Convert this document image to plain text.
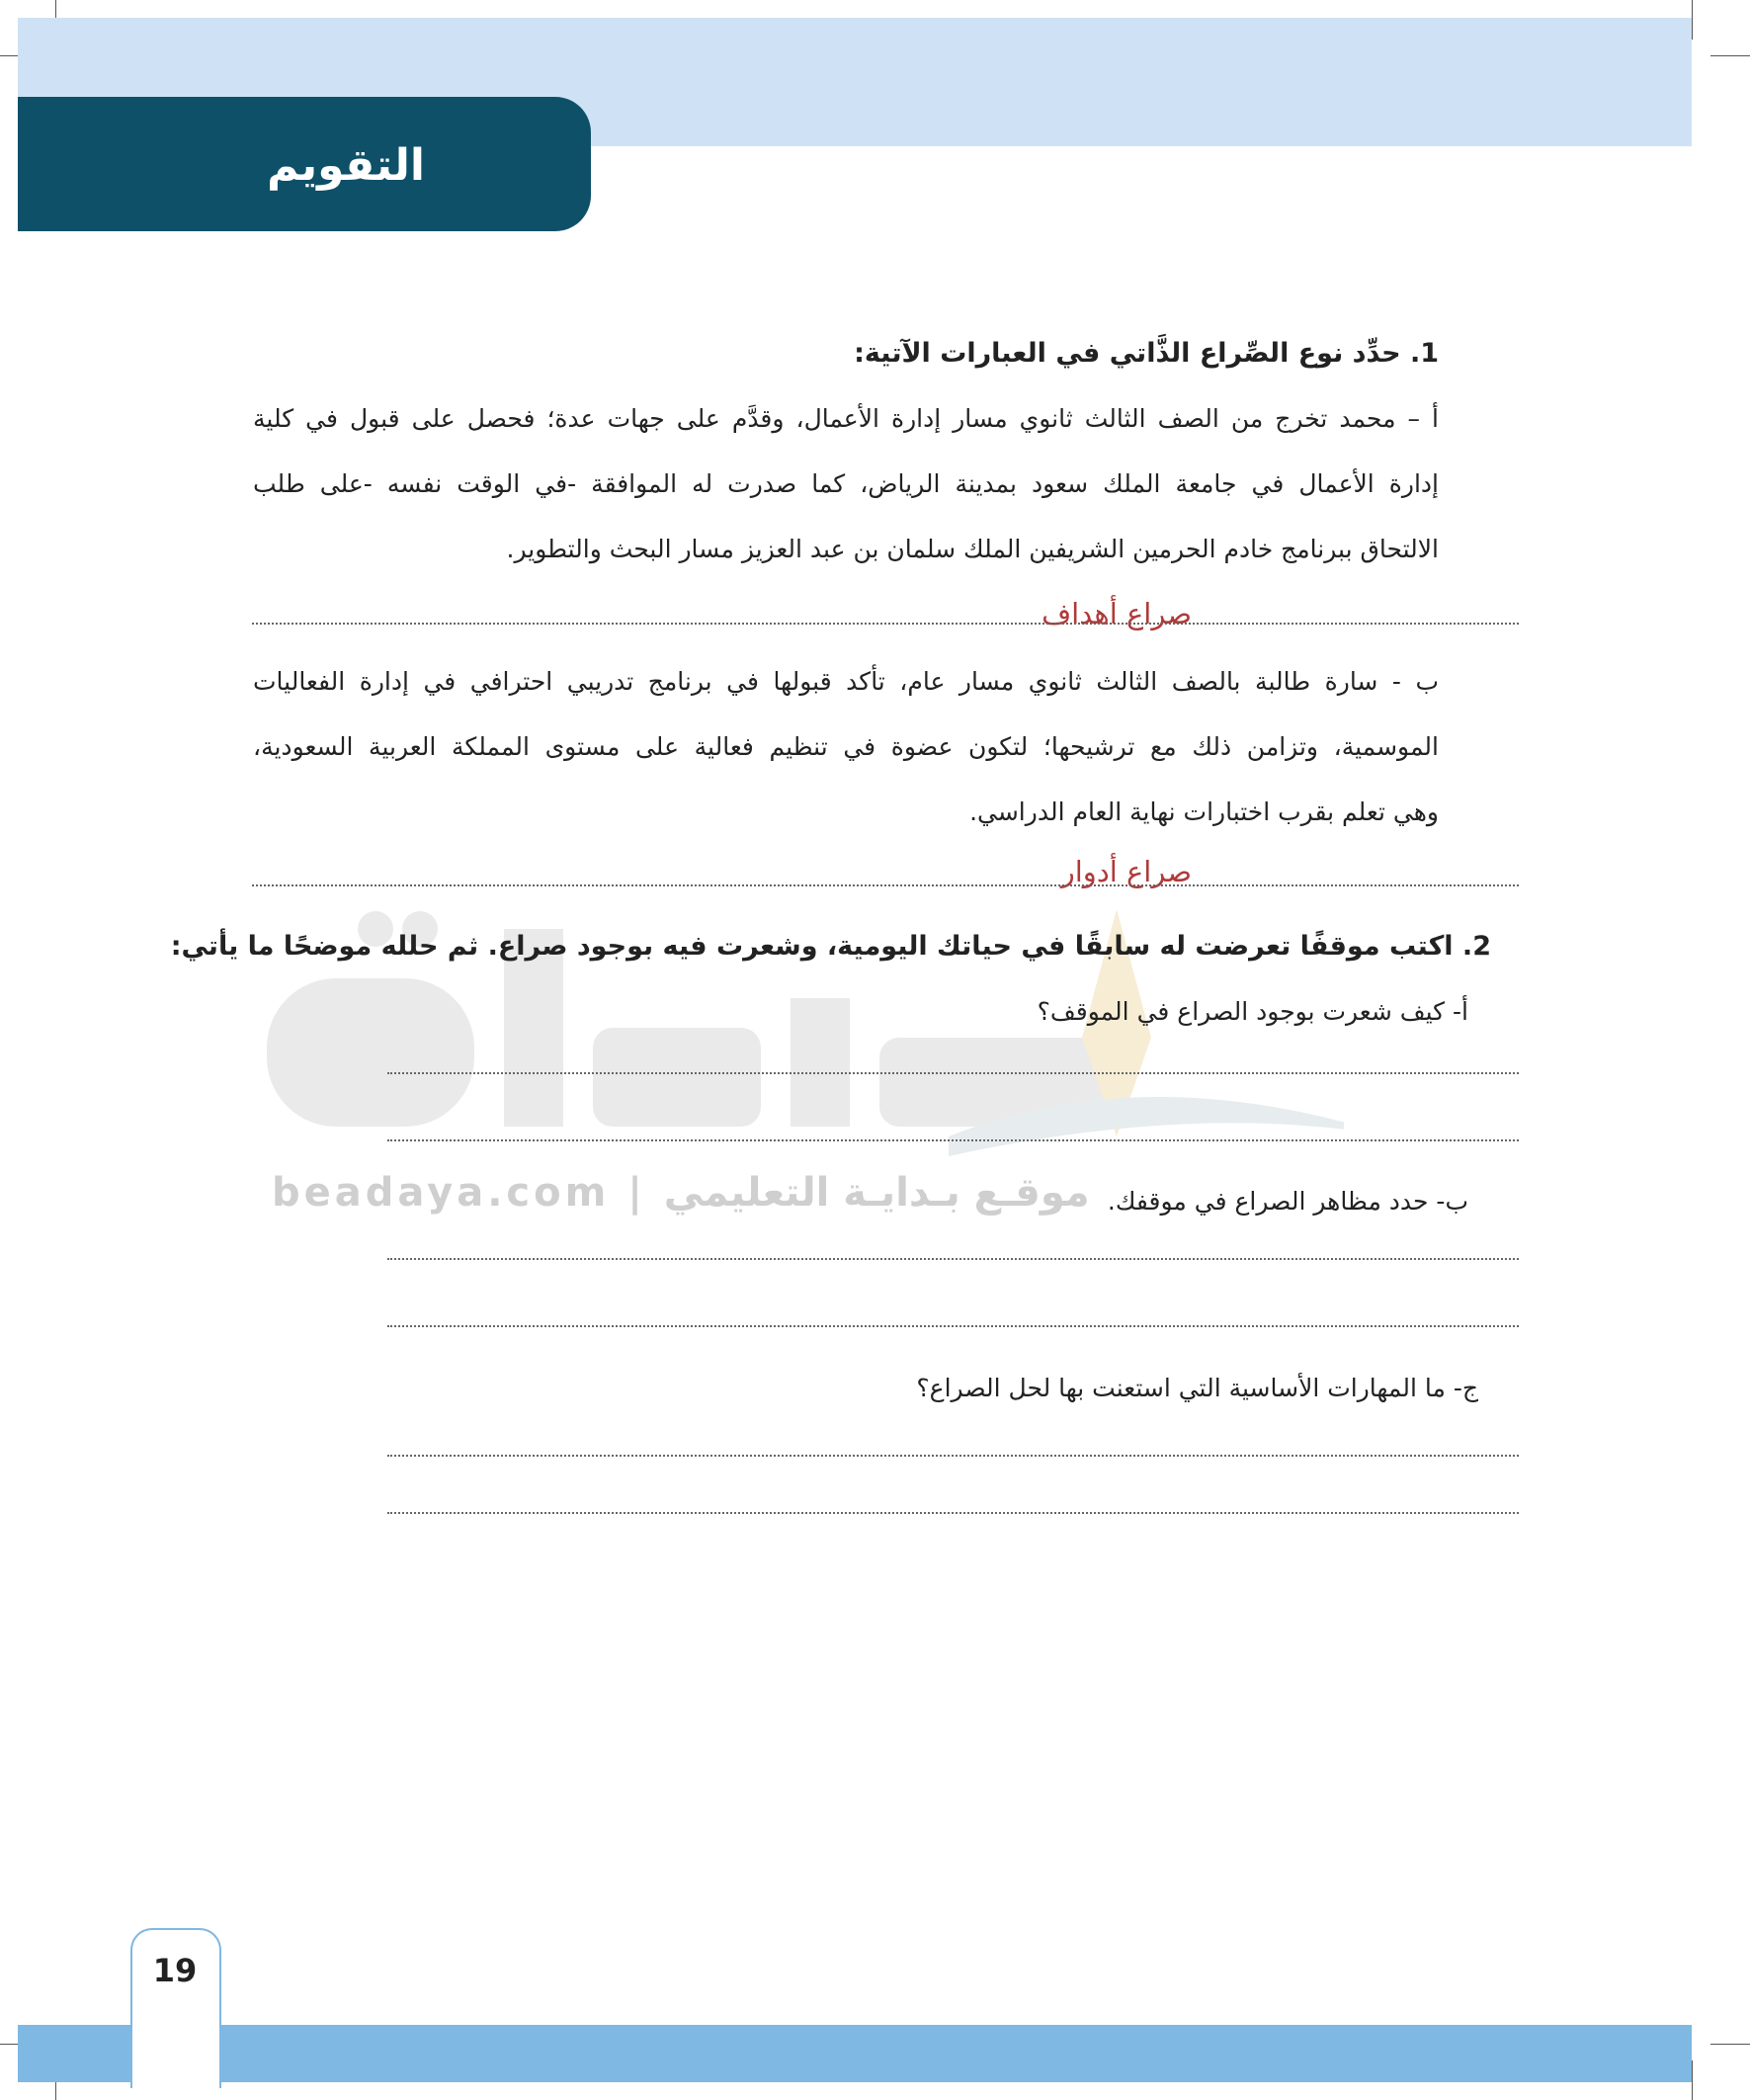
التقويم
beadaya.com | موقـع بـدايـة التعليمي
1. حدِّد نوع الصِّراع الذَّاتي في العبارات الآتية:
أ – محمد تخرج من الصف الثالث ثانوي مسار إدارة الأعمال، وقدَّم على جهات عدة؛ فحصل على قبول في كلية
إدارة الأعمال في جامعة الملك سعود بمدينة الرياض، كما صدرت له الموافقة -في الوقت نفسه -على طلب
الالتحاق ببرنامج خادم الحرمين الشريفين الملك سلمان بن عبد العزيز مسار البحث والتطوير.
صراع أهداف
ب - سارة طالبة بالصف الثالث ثانوي مسار عام، تأكد قبولها في برنامج تدريبي احترافي في إدارة الفعاليات
الموسمية، وتزامن ذلك مع ترشيحها؛ لتكون عضوة في تنظيم فعالية على مستوى المملكة العربية السعودية،
وهي تعلم بقرب اختبارات نهاية العام الدراسي.
صراع أدوار
2. اكتب موقفًا تعرضت له سابقًا في حياتك اليومية، وشعرت فيه بوجود صراع. ثم حلله موضحًا ما يأتي:
أ- كيف شعرت بوجود الصراع في الموقف؟
ب- حدد مظاهر الصراع في موقفك.
ج- ما المهارات الأساسية التي استعنت بها لحل الصراع؟
19
